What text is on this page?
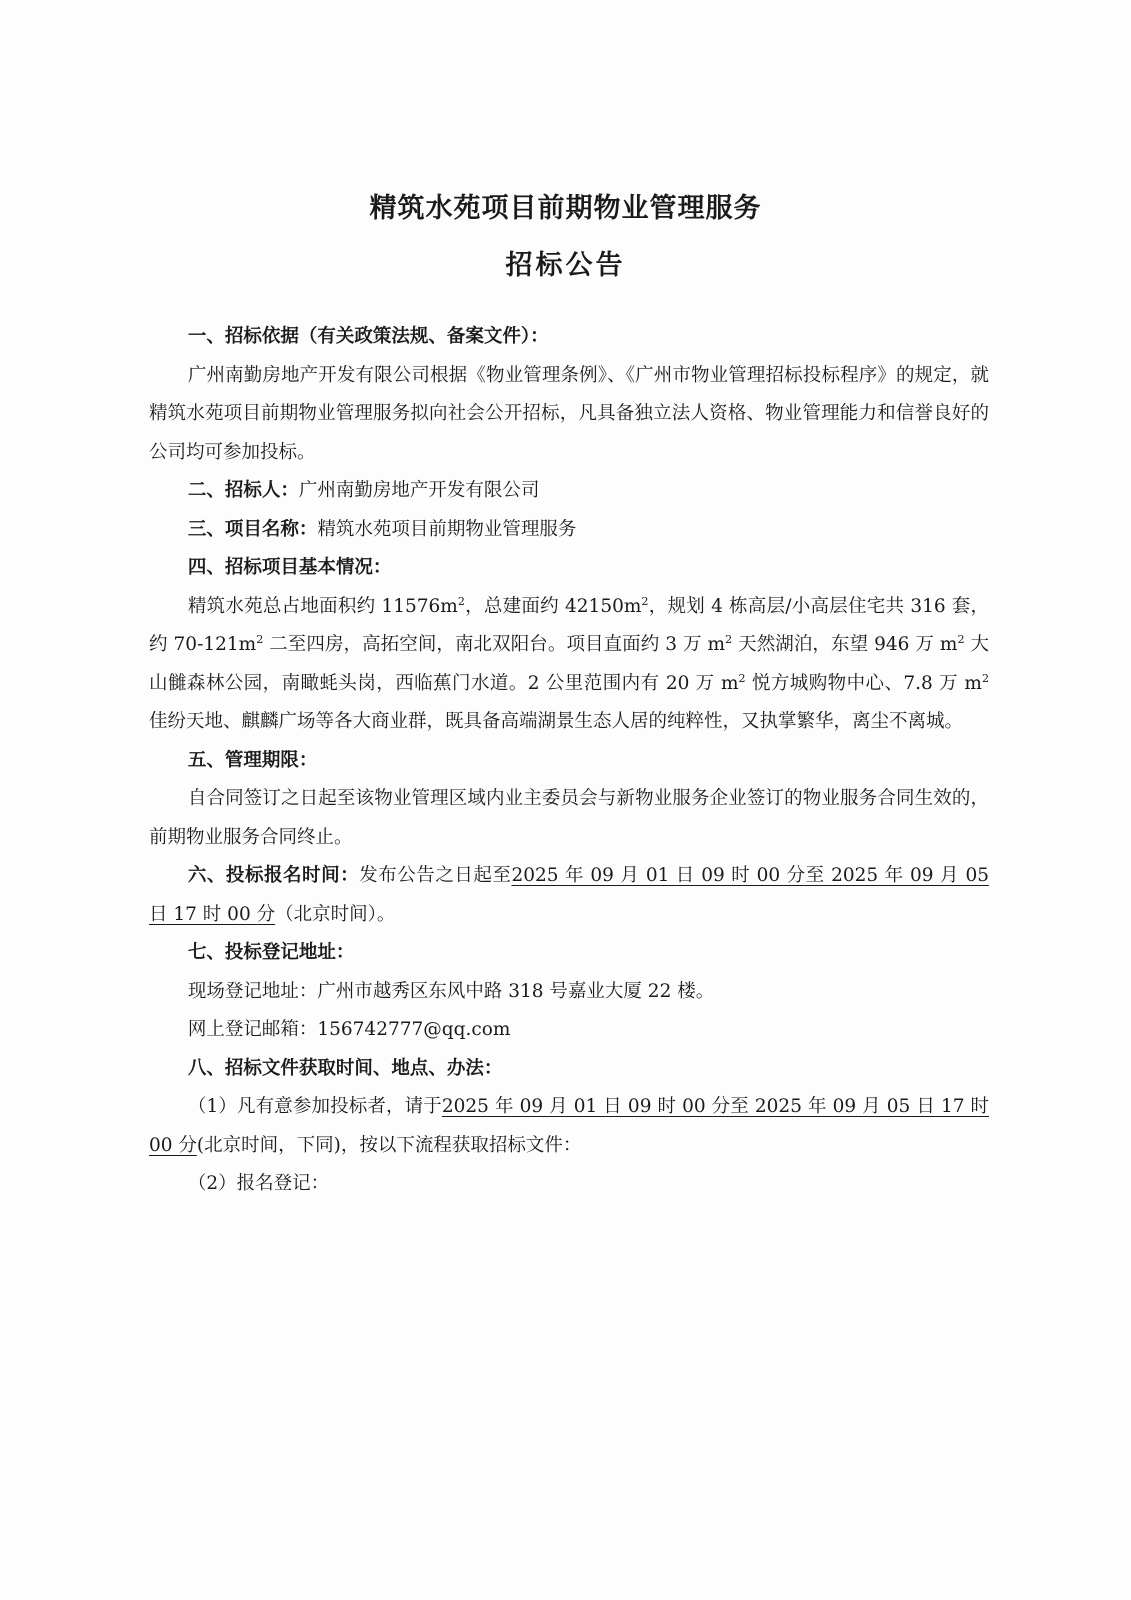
精筑水苑项目前期物业管理服务
招标公告

一、招标依据（有关政策法规、备案文件）：

广州南勤房地产开发有限公司根据《物业管理条例》、《广州市物业管理招标投标程序》的规定，就精筑水苑项目前期物业管理服务拟向社会公开招标，凡具备独立法人资格、物业管理能力和信誉良好的公司均可参加投标。

二、招标人：广州南勤房地产开发有限公司

三、项目名称：精筑水苑项目前期物业管理服务

四、招标项目基本情况：

精筑水苑总占地面积约 $11576m^2$，总建面约 $42150m^2$，规划 4 栋高层/小高层住宅共 316 套，约 $70-121m^2$ 二至四房，高拓空间，南北双阳台。项目直面约 3 万 $m^2$ 天然湖泊，东望 946 万 $m^2$ 大山雠森林公园，南瞰蚝头岗，西临蕉门水道。2 公里范围内有 20 万 $m^2$ 悦方城购物中心、7.8 万 $m^2$ 佳纷天地、麒麟广场等各大商业群，既具备高端湖景生态人居的纯粹性，又执掌繁华，离尘不离城。

五、管理期限：

自合同签订之日起至该物业管理区域内业主委员会与新物业服务企业签订的物业服务合同生效的，前期物业服务合同终止。

六、投标报名时间：发布公告之日起至2025 年 09 月 01 日 09 时 00 分至 2025 年 09 月 05 日 17 时 00 分（北京时间）。

七、投标登记地址：

现场登记地址：广州市越秀区东风中路 318 号嘉业大厦 22 楼。

网上登记邮箱：156742777@qq.com

八、招标文件获取时间、地点、办法：

（1）凡有意参加投标者，请于2025 年 09 月 01 日 09 时 00 分至 2025 年 09 月 05 日 17 时 00 分(北京时间，下同)，按以下流程获取招标文件：

（2）报名登记：
